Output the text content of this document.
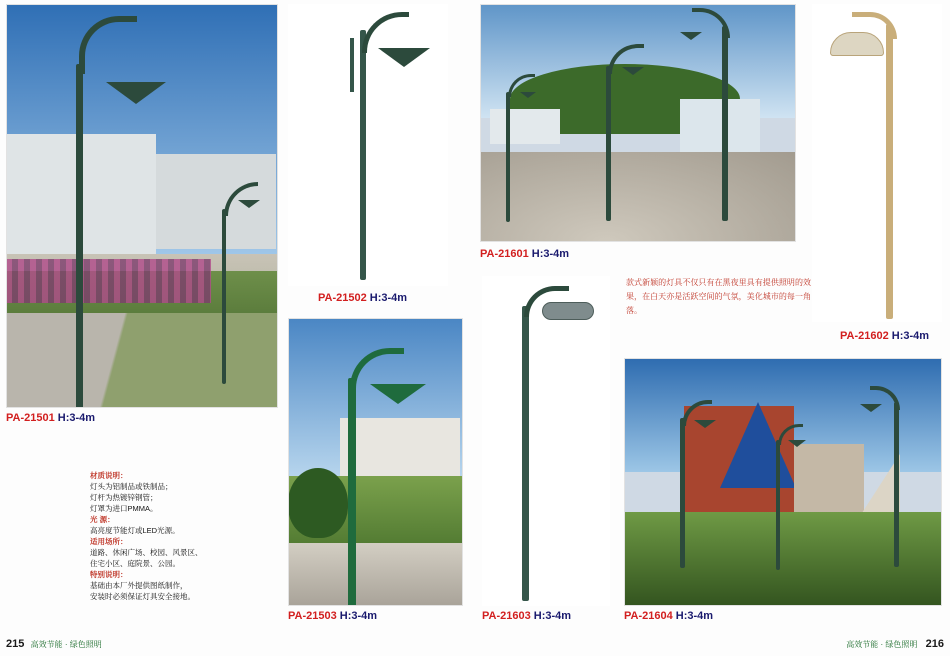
PA-21501 H:3-4m
PA-21502 H:3-4m
PA-21503 H:3-4m
PA-21601 H:3-4m
PA-21602 H:3-4m
PA-21603 H:3-4m	PA-21604 H:3-4m
材质说明：
灯头为铝制品或铁制品；
灯杆为热镀锌钢管；
灯罩为进口PMMA。
光 源：
高亮度节能灯或LED光源。
适用场所：
道路、休闲广场、校园、风景区、
住宅小区、庭院景、公园。
特别说明：
基础由本厂外提供图纸制作，
安装时必须保证灯具安全接地。
款式新颖的灯具不仅只有在黑夜里具有提供照明的效果，在白天亦是活跃空间的气氛，美化城市的每一角落。
215 高效节能 · 绿色照明	高效节能 · 绿色照明 216
